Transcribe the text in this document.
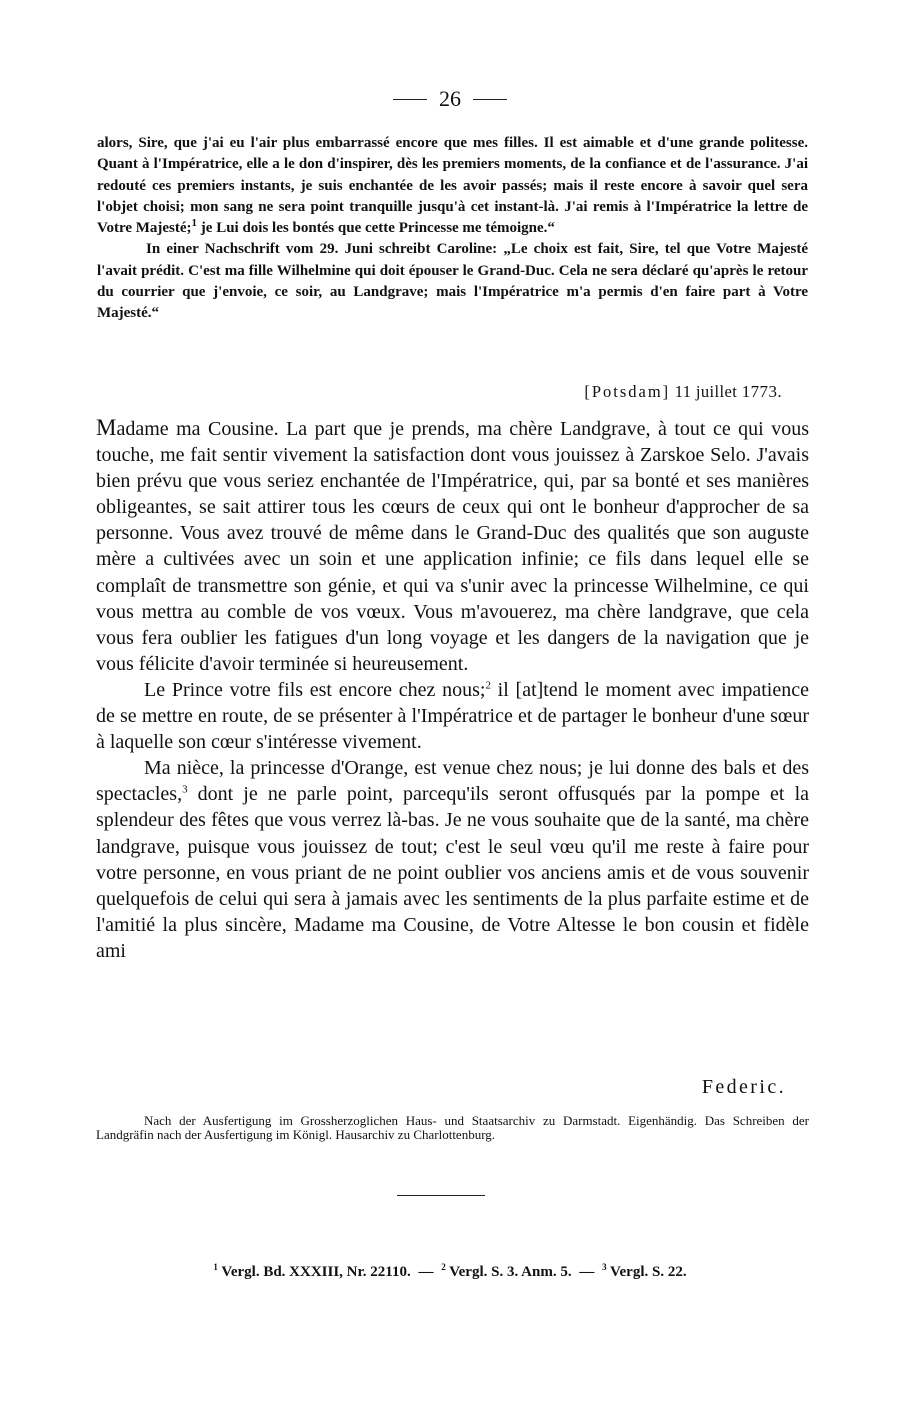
26

alors, Sire, que j'ai eu l'air plus embarrassé encore que mes filles. Il est aimable et d'une grande politesse. Quant à l'Impératrice, elle a le don d'inspirer, dès les premiers moments, de la confiance et de l'assurance. J'ai redouté ces premiers instants, je suis enchantée de les avoir passés; mais il reste encore à savoir quel sera l'objet choisi; mon sang ne sera point tranquille jusqu'à cet instant-là. J'ai remis à l'Impératrice la lettre de Votre Majesté;$^1$ je Lui dois les bontés que cette Princesse me témoigne.“

In einer Nachschrift vom 29. Juni schreibt Caroline: „Le choix est fait, Sire, tel que Votre Majesté l'avait prédit. C'est ma fille Wilhelmine qui doit épouser le Grand-Duc. Cela ne sera déclaré qu'après le retour du courrier que j'envoie, ce soir, au Landgrave; mais l'Impératrice m'a permis d'en faire part à Votre Majesté.“

[Potsdam] 11 juillet 1773.

Madame ma Cousine. La part que je prends, ma chère Landgrave, à tout ce qui vous touche, me fait sentir vivement la satisfaction dont vous jouissez à Zarskoe Selo. J'avais bien prévu que vous seriez enchantée de l'Impératrice, qui, par sa bonté et ses manières obligeantes, se sait attirer tous les cœurs de ceux qui ont le bonheur d'approcher de sa personne. Vous avez trouvé de même dans le Grand-Duc des qualités que son auguste mère a cultivées avec un soin et une application infinie; ce fils dans lequel elle se complaît de transmettre son génie, et qui va s'unir avec la princesse Wilhelmine, ce qui vous mettra au comble de vos vœux. Vous m'avouerez, ma chère landgrave, que cela vous fera oublier les fatigues d'un long voyage et les dangers de la navigation que je vous félicite d'avoir terminée si heureusement.

Le Prince votre fils est encore chez nous;$^2$ il [at]tend le moment avec impatience de se mettre en route, de se présenter à l'Impératrice et de partager le bonheur d'une sœur à laquelle son cœur s'intéresse vivement.

Ma nièce, la princesse d'Orange, est venue chez nous; je lui donne des bals et des spectacles,$^3$ dont je ne parle point, parcequ'ils seront offusqués par la pompe et la splendeur des fêtes que vous verrez là-bas. Je ne vous souhaite que de la santé, ma chère landgrave, puisque vous jouissez de tout; c'est le seul vœu qu'il me reste à faire pour votre personne, en vous priant de ne point oublier vos anciens amis et de vous souvenir quelquefois de celui qui sera à jamais avec les sentiments de la plus parfaite estime et de l'amitié la plus sincère, Madame ma Cousine, de Votre Altesse le bon cousin et fidèle ami

Federic.

Nach der Ausfertigung im Grossherzoglichen Haus- und Staatsarchiv zu Darmstadt. Eigenhändig. Das Schreiben der Landgräfin nach der Ausfertigung im Königl. Hausarchiv zu Charlottenburg.

$^1$ Vergl. Bd. XXXIII, Nr. 22110. — $^2$ Vergl. S. 3. Anm. 5. — $^3$ Vergl. S. 22.
